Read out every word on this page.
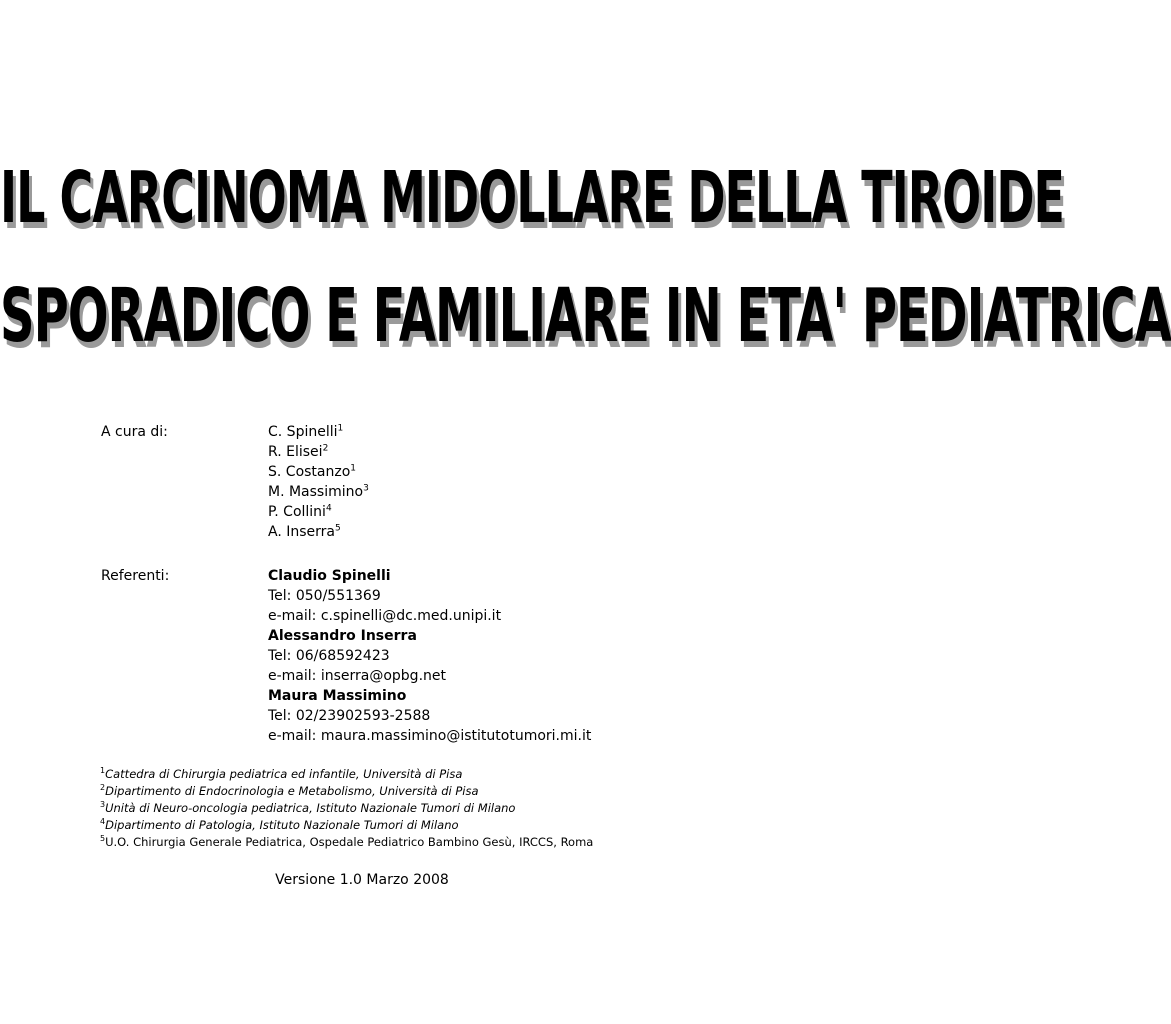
IL CARCINOMA MIDOLLARE DELLA TIROIDE
SPORADICO E FAMILIARE IN ETA' PEDIATRICA
A cura di:	C. Spinelli$^1$
R. Elisei$^2$
S. Costanzo$^1$
M. Massimino$^3$
P. Collini$^4$
A. Inserra$^5$
Referenti:	Claudio Spinelli
Tel: 050/551369
e-mail: c.spinelli@dc.med.unipi.it
Alessandro Inserra
Tel: 06/68592423
e-mail: inserra@opbg.net
Maura Massimino
Tel: 02/23902593-2588
e-mail: maura.massimino@istitutotumori.mi.it
$^1$Cattedra di Chirurgia pediatrica ed infantile, Università di Pisa
$^2$Dipartimento di Endocrinologia e Metabolismo, Università di Pisa
$^3$Unità di Neuro-oncologia pediatrica, Istituto Nazionale Tumori di Milano
$^4$Dipartimento di Patologia, Istituto Nazionale Tumori di Milano
$^5$U.O. Chirurgia Generale Pediatrica, Ospedale Pediatrico Bambino Gesù, IRCCS, Roma
Versione 1.0 Marzo 2008
